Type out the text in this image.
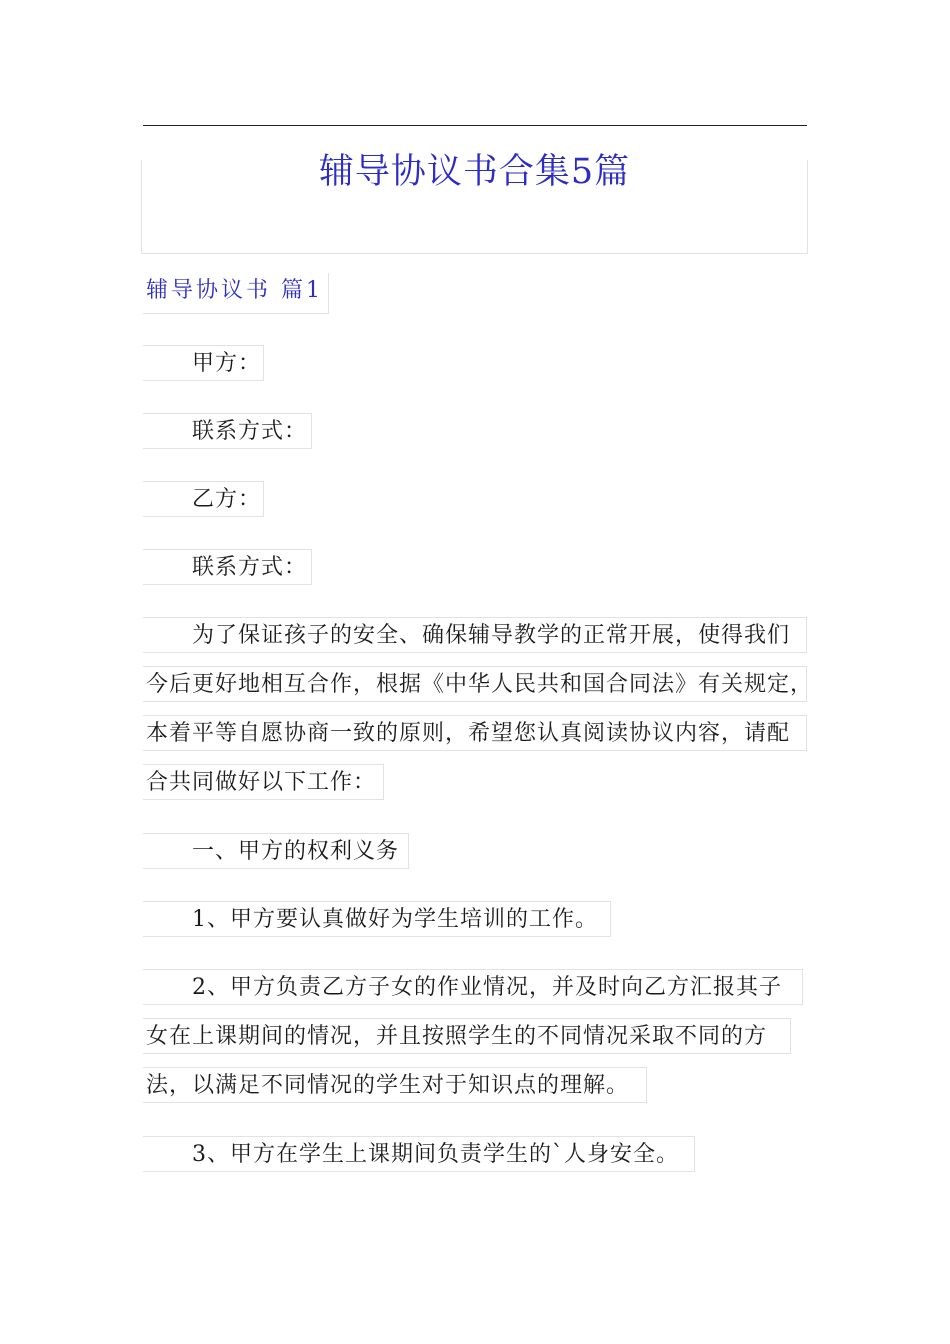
辅导协议书合集5篇
辅导协议书 篇1
甲方：
联系方式：
乙方：
联系方式：
为了保证孩子的安全、确保辅导教学的正常开展，使得我们
今后更好地相互合作，根据《中华人民共和国合同法》有关规定，
本着平等自愿协商一致的原则，希望您认真阅读协议内容，请配
合共同做好以下工作：
一、甲方的权利义务
1、甲方要认真做好为学生培训的工作。
2、甲方负责乙方子女的作业情况，并及时向乙方汇报其子
女在上课期间的情况，并且按照学生的不同情况采取不同的方
法，以满足不同情况的学生对于知识点的理解。
3、甲方在学生上课期间负责学生的`人身安全。
